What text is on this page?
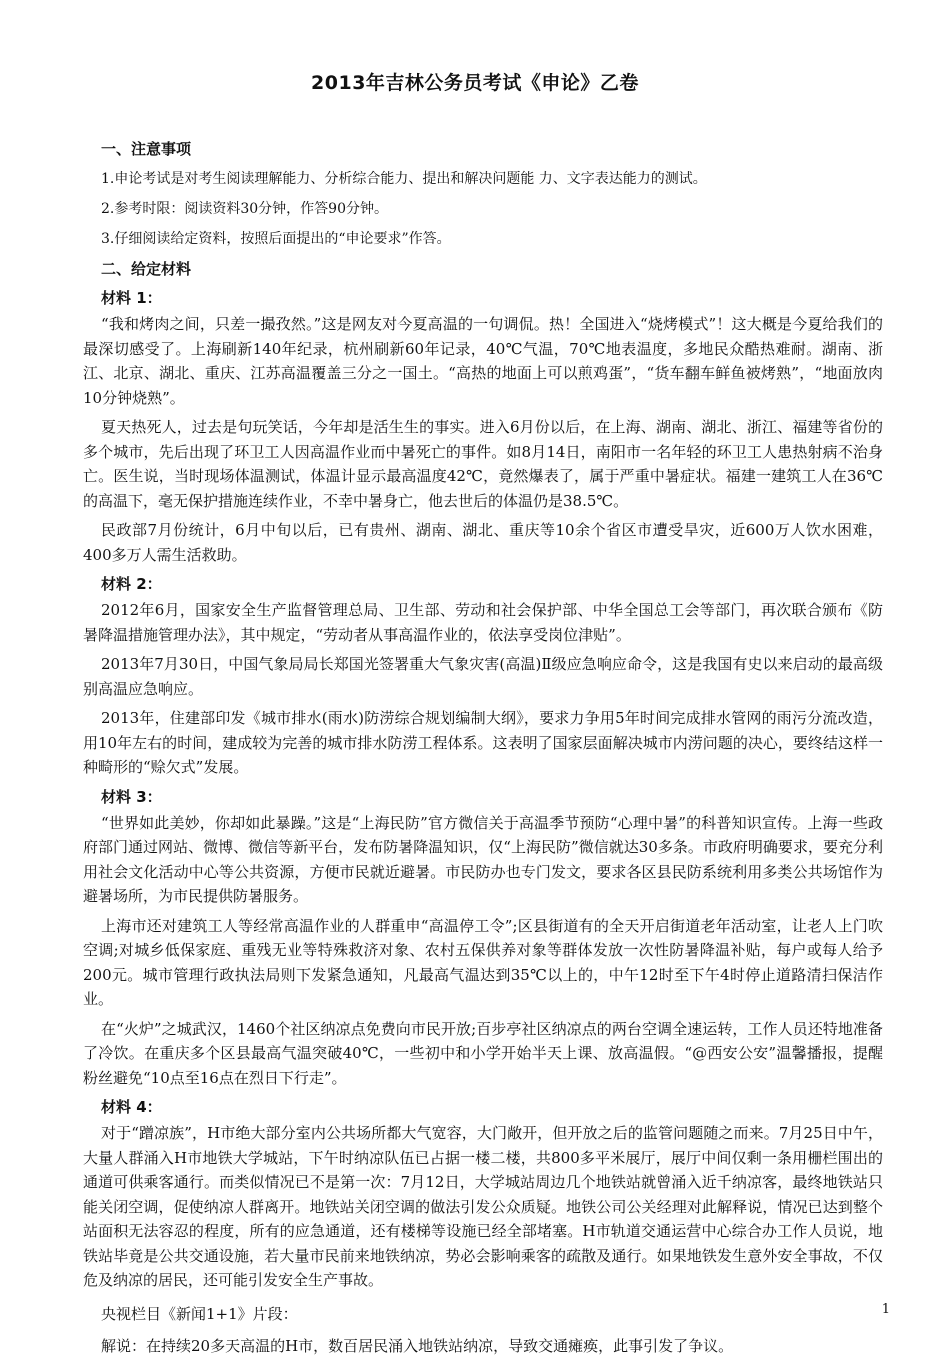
2013年吉林公务员考试《申论》乙卷
一、注意事项
1.申论考试是对考生阅读理解能力、分析综合能力、提出和解决问题能 力、文字表达能力的测试。
2.参考时限：阅读资料30分钟，作答90分钟。
3.仔细阅读给定资料，按照后面提出的“申论要求”作答。
二、给定材料
材料 1：

“我和烤肉之间，只差一撮孜然。”这是网友对今夏高温的一句调侃。热！全国进入“烧烤模式”！这大概是今夏给我们的最深切感受了。上海刷新140年纪录，杭州刷新60年记录，40℃气温，70℃地表温度，多地民众酷热难耐。湖南、浙江、北京、湖北、重庆、江苏高温覆盖三分之一国土。“高热的地面上可以煎鸡蛋”，“货车翻车鲜鱼被烤熟”，“地面放肉10分钟烧熟”。

夏天热死人，过去是句玩笑话，今年却是活生生的事实。进入6月份以后，在上海、湖南、湖北、浙江、福建等省份的多个城市，先后出现了环卫工人因高温作业而中暑死亡的事件。如8月14日，南阳市一名年轻的环卫工人患热射病不治身亡。医生说，当时现场体温测试，体温计显示最高温度42℃，竟然爆表了，属于严重中暑症状。福建一建筑工人在36℃的高温下，毫无保护措施连续作业，不幸中暑身亡，他去世后的体温仍是38.5℃。

民政部7月份统计，6月中旬以后，已有贵州、湖南、湖北、重庆等10余个省区市遭受旱灾，近600万人饮水困难，400多万人需生活救助。

材料 2：

2012年6月，国家安全生产监督管理总局、卫生部、劳动和社会保护部、中华全国总工会等部门，再次联合颁布《防暑降温措施管理办法》，其中规定，“劳动者从事高温作业的，依法享受岗位津贴”。

2013年7月30日，中国气象局局长郑国光签署重大气象灾害(高温)Ⅱ级应急响应命令，这是我国有史以来启动的最高级别高温应急响应。

2013年，住建部印发《城市排水(雨水)防涝综合规划编制大纲》，要求力争用5年时间完成排水管网的雨污分流改造，用10年左右的时间，建成较为完善的城市排水防涝工程体系。这表明了国家层面解决城市内涝问题的决心，要终结这样一种畸形的“赊欠式”发展。

材料 3：

“世界如此美妙，你却如此暴躁。”这是“上海民防”官方微信关于高温季节预防“心理中暑”的科普知识宣传。上海一些政府部门通过网站、微博、微信等新平台，发布防暑降温知识，仅“上海民防”微信就达30多条。市政府明确要求，要充分利用社会文化活动中心等公共资源，方便市民就近避暑。市民防办也专门发文，要求各区县民防系统利用多类公共场馆作为避暑场所，为市民提供防暑服务。

上海市还对建筑工人等经常高温作业的人群重申“高温停工令”;区县街道有的全天开启街道老年活动室，让老人上门吹空调;对城乡低保家庭、重残无业等特殊救济对象、农村五保供养对象等群体发放一次性防暑降温补贴，每户或每人给予200元。城市管理行政执法局则下发紧急通知，凡最高气温达到35℃以上的，中午12时至下午4时停止道路清扫保洁作业。

在“火炉”之城武汉，1460个社区纳凉点免费向市民开放;百步亭社区纳凉点的两台空调全速运转，工作人员还特地准备了冷饮。在重庆多个区县最高气温突破40℃，一些初中和小学开始半天上课、放高温假。“@西安公安”温馨播报，提醒粉丝避免“10点至16点在烈日下行走”。

材料 4：

对于“蹭凉族”，H市绝大部分室内公共场所都大气宽容，大门敞开，但开放之后的监管问题随之而来。7月25日中午，大量人群涌入H市地铁大学城站，下午时纳凉队伍已占据一楼二楼，共800多平米展厅，展厅中间仅剩一条用栅栏围出的通道可供乘客通行。而类似情况已不是第一次：7月12日，大学城站周边几个地铁站就曾涌入近千纳凉客，最终地铁站只能关闭空调，促使纳凉人群离开。地铁站关闭空调的做法引发公众质疑。地铁公司公关经理对此解释说，情况已达到整个站面积无法容忍的程度，所有的应急通道，还有楼梯等设施已经全部堵塞。H市轨道交通运营中心综合办工作人员说，地铁站毕竟是公共交通设施，若大量市民前来地铁纳凉，势必会影响乘客的疏散及通行。如果地铁发生意外安全事故，不仅危及纳凉的居民，还可能引发安全生产事故。

央视栏目《新闻1+1》片段：
解说：在持续20多天高温的H市，数百居民涌入地铁站纳凉，导致交通瘫痪，此事引发了争议。
1
